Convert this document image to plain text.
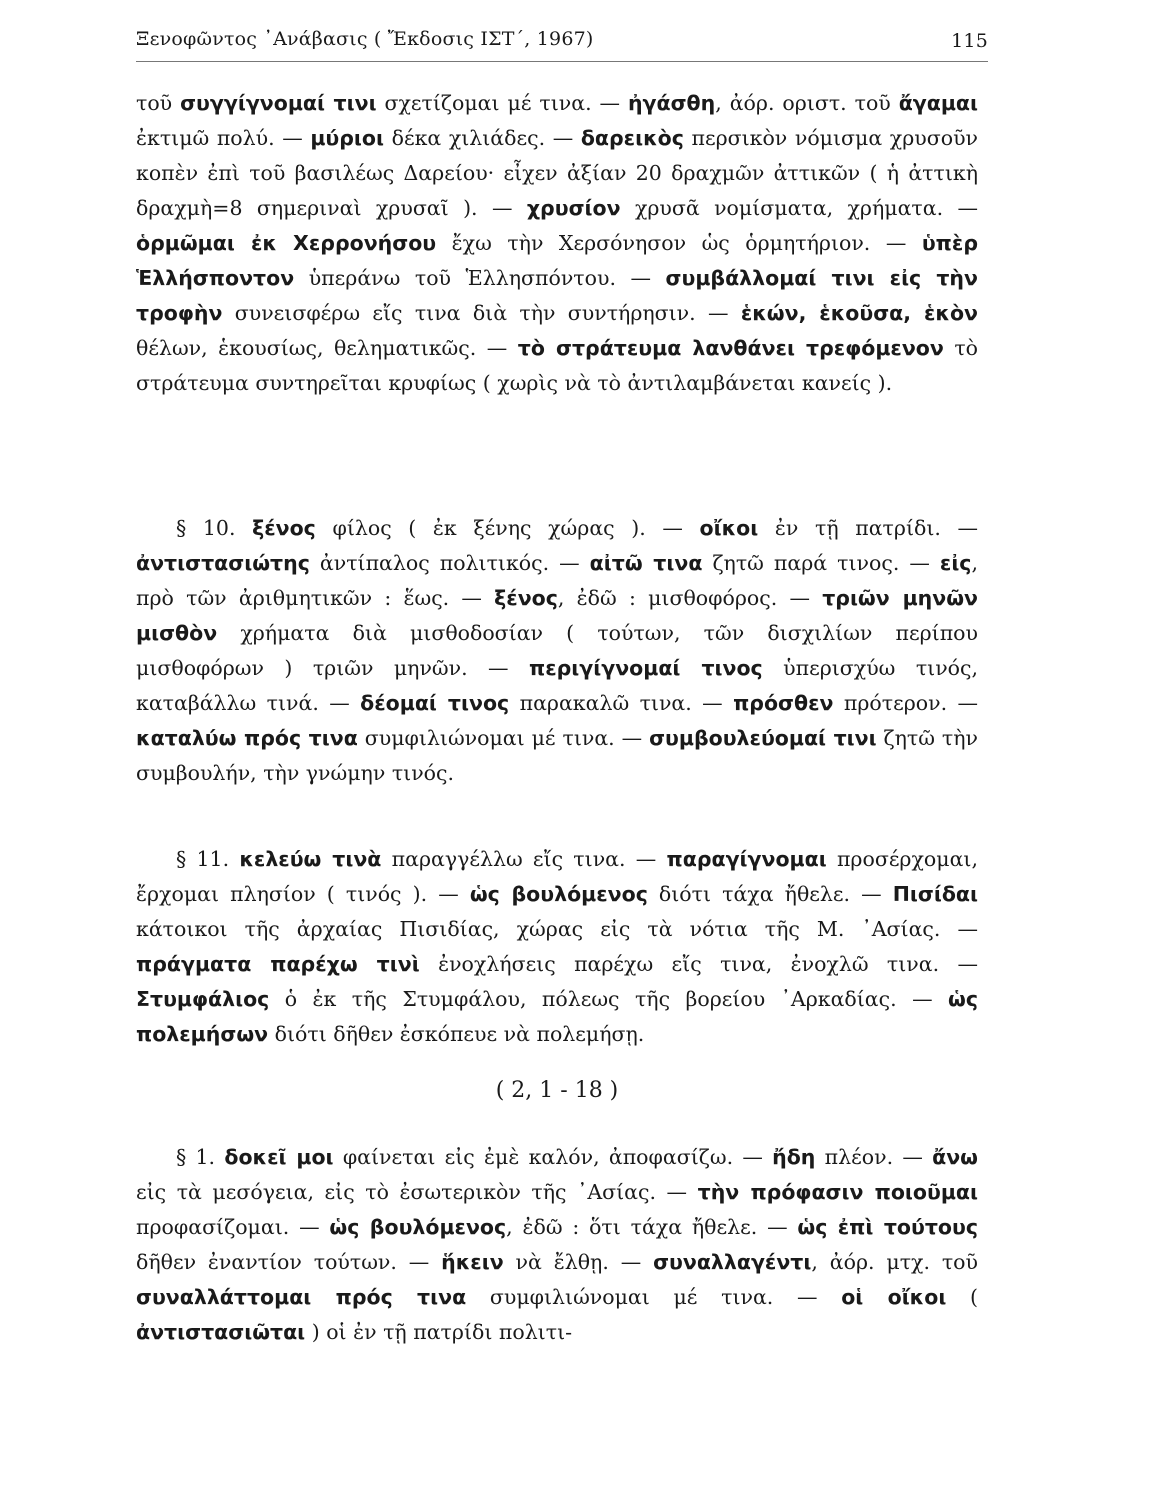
Ξενοφῶντος ᾽Ανάβασις ( Ἔκδοσις ΙΣΤ΄, 1967)	115
τοῦ συγγίγνομαί τινι σχετίζομαι μέ τινα. — ἠγάσθη, ἀόρ. οριστ. τοῦ ἄγαμαι ἐκτιμῶ πολύ. — μύριοι δέκα χιλιάδες. — δαρεικὸς περσικὸν νόμισμα χρυσοῦν κοπὲν ἐπὶ τοῦ βασιλέως Δαρείου· εἶχεν ἀξίαν 20 δραχμῶν ἀττικῶν ( ἡ ἀττικὴ δραχμὴ=8 σημεριναὶ χρυσαῖ ). — χρυσίον χρυσᾶ νομίσματα, χρήματα. — ὁρμῶμαι ἐκ Χερρονήσου ἔχω τὴν Χερσόνησον ὡς ὁρμητήριον. — ὑπὲρ Ἑλλήσποντον ὑπεράνω τοῦ Ἑλλησπόντου. — συμβάλλομαί τινι εἰς τὴν τροφὴν συνεισφέρω εἴς τινα διὰ τὴν συντήρησιν. — ἑκών, ἑκοῦσα, ἑκὸν θέλων, ἑκουσίως, θεληματικῶς. — τὸ στράτευμα λανθάνει τρεφόμενον τὸ στράτευμα συντηρεῖται κρυφίως ( χωρὶς νὰ τὸ ἀντιλαμβάνεται κανείς ).
§ 10. ξένος φίλος ( ἐκ ξένης χώρας ). — οἴκοι ἐν τῇ πατρίδι. — ἀντιστασιώτης ἀντίπαλος πολιτικός. — αἰτῶ τινα ζητῶ παρά τινος. — εἰς, πρὸ τῶν ἀριθμητικῶν : ἕως. — ξένος, ἐδῶ : μισθοφόρος. — τριῶν μηνῶν μισθὸν χρήματα διὰ μισθοδοσίαν ( τούτων, τῶν δισχιλίων περίπου μισθοφόρων ) τριῶν μηνῶν. — περιγίγνομαί τινος ὑπερισχύω τινός, καταβάλλω τινά. — δέομαί τινος παρακαλῶ τινα. — πρόσθεν πρότερον. — καταλύω πρός τινα συμφιλιώνομαι μέ τινα. — συμβουλεύομαί τινι ζητῶ τὴν συμβουλήν, τὴν γνώμην τινός.
§ 11. κελεύω τινὰ παραγγέλλω εἴς τινα. — παραγίγνομαι προσέρχομαι, ἔρχομαι πλησίον ( τινός ). — ὡς βουλόμενος διότι τάχα ἤθελε. — Πισίδαι κάτοικοι τῆς ἀρχαίας Πισιδίας, χώρας εἰς τὰ νότια τῆς Μ. ᾽Ασίας. — πράγματα παρέχω τινὶ ἐνοχλήσεις παρέχω εἴς τινα, ἐνοχλῶ τινα. — Στυμφάλιος ὁ ἐκ τῆς Στυμφάλου, πόλεως τῆς βορείου ᾽Αρκαδίας. — ὡς πολεμήσων διότι δῆθεν ἐσκόπευε νὰ πολεμήσῃ.
( 2, 1 - 18 )
§ 1. δοκεῖ μοι φαίνεται εἰς ἐμὲ καλόν, ἀποφασίζω. — ἤδη πλέον. — ἄνω εἰς τὰ μεσόγεια, εἰς τὸ ἐσωτερικὸν τῆς ᾽Ασίας. — τὴν πρόφασιν ποιοῦμαι προφασίζομαι. — ὡς βουλόμενος, ἐδῶ : ὅτι τάχα ἤθελε. — ὡς ἐπὶ τούτους δῆθεν ἐναντίον τούτων. — ἥκειν νὰ ἔλθῃ. — συναλλαγέντι, ἀόρ. μτχ. τοῦ συναλλάττομαι πρός τινα συμφιλιώνομαι μέ τινα. — οἱ οἴκοι ( ἀντιστασιῶται ) οἱ ἐν τῇ πατρίδι πολιτι-
